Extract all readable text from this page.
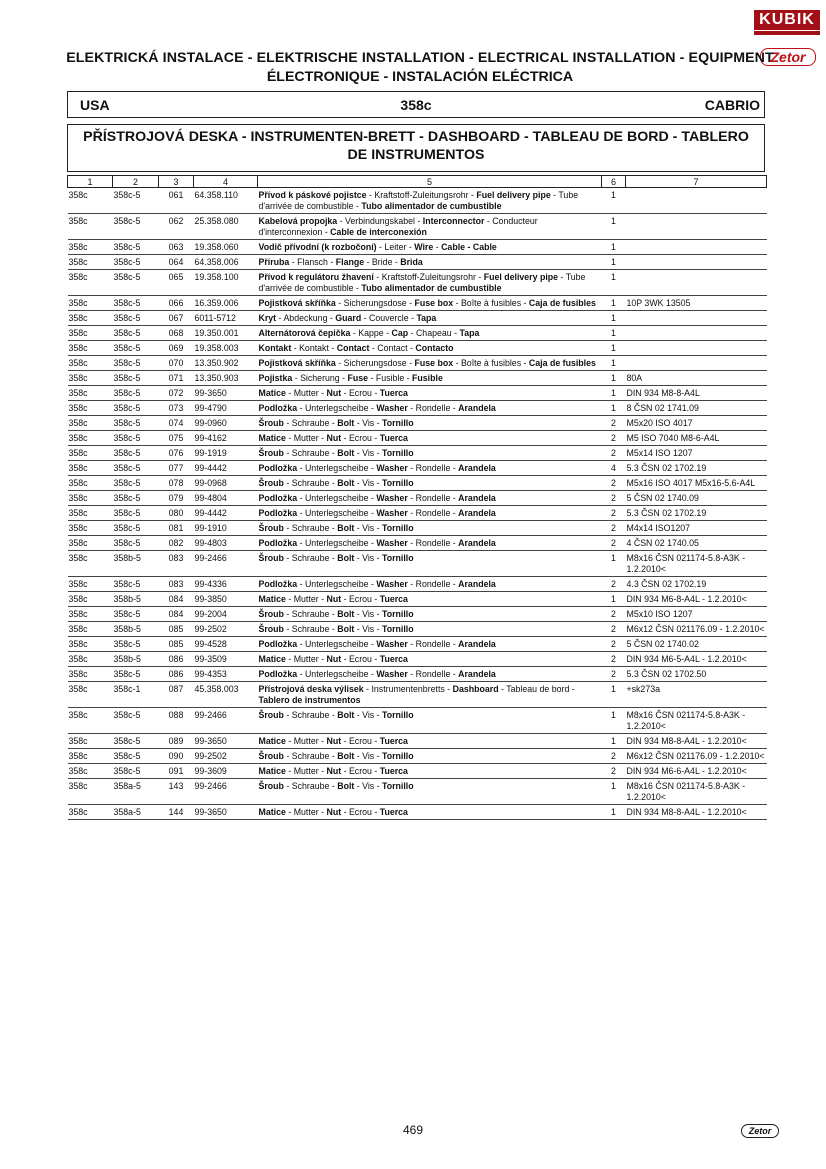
KUBIK
Zetor
ELEKTRICKÁ INSTALACE - ELEKTRISCHE INSTALLATION - ELECTRICAL INSTALLATION - EQUIPMENT
ÉLECTRONIQUE - INSTALACIÓN ELÉCTRICA
USA	358c	CABRIO
PŘÍSTROJOVÁ DESKA - INSTRUMENTEN-BRETT - DASHBOARD - TABLEAU DE BORD - TABLERO DE INSTRUMENTOS
1	2	3	4	5	6	7
358c	358c-5	061	64.358.110	Přívod k páskové pojistce - Kraftstoff-Zuleitungsrohr - Fuel delivery pipe - Tube d'arrivée de combustible - Tubo alimentador de cumbustible	1	
358c	358c-5	062	25.358.080	Kabelová propojka - Verbindungskabel - Interconnector - Conducteur d'interconnexion - Cable de interconexión	1	
358c	358c-5	063	19.358.060	Vodič přívodní (k rozbočoní) - Leiter - Wire - Cable - Cable	1	
358c	358c-5	064	64.358.006	Příruba - Flansch - Flange - Bride - Brida	1	
358c	358c-5	065	19.358.100	Přívod k regulátoru žhavení - Kraftstoff-Zuleitungsrohr - Fuel delivery pipe - Tube d'arrivée de combustible - Tubo alimentador de cumbustible	1	
358c	358c-5	066	16.359.006	Pojistková skříňka - Sicherungsdose - Fuse box - Boîte à fusibles - Caja de fusibles	1	10P 3WK 13505
358c	358c-5	067	6011-5712	Kryt - Abdeckung - Guard - Couvercle - Tapa	1	
358c	358c-5	068	19.350.001	Alternátorová čepička - Kappe - Cap - Chapeau - Tapa	1	
358c	358c-5	069	19.358.003	Kontakt - Kontakt - Contact - Contact - Contacto	1	
358c	358c-5	070	13.350.902	Pojistková skříňka - Sicherungsdose - Fuse box - Boîte à fusibles - Caja de fusibles	1	
358c	358c-5	071	13.350.903	Pojistka - Sicherung - Fuse - Fusible - Fusible	1	80A
358c	358c-5	072	99-3650	Matice - Mutter - Nut - Ecrou - Tuerca	1	DIN 934 M8-8-A4L
358c	358c-5	073	99-4790	Podložka - Unterlegscheibe - Washer - Rondelle - Arandela	1	8 ČSN 02 1741.09
358c	358c-5	074	99-0960	Šroub - Schraube - Bolt - Vis - Tornillo	2	M5x20 ISO 4017
358c	358c-5	075	99-4162	Matice - Mutter - Nut - Ecrou - Tuerca	2	M5 ISO 7040 M8-6-A4L
358c	358c-5	076	99-1919	Šroub - Schraube - Bolt - Vis - Tornillo	2	M5x14 ISO 1207
358c	358c-5	077	99-4442	Podložka - Unterlegscheibe - Washer - Rondelle - Arandela	4	5.3 ČSN 02 1702.19
358c	358c-5	078	99-0968	Šroub - Schraube - Bolt - Vis - Tornillo	2	M5x16 ISO 4017 M5x16-5.6-A4L
358c	358c-5	079	99-4804	Podložka - Unterlegscheibe - Washer - Rondelle - Arandela	2	5 ČSN 02 1740.09
358c	358c-5	080	99-4442	Podložka - Unterlegscheibe - Washer - Rondelle - Arandela	2	5.3 ČSN 02 1702.19
358c	358c-5	081	99-1910	Šroub - Schraube - Bolt - Vis - Tornillo	2	M4x14 ISO1207
358c	358c-5	082	99-4803	Podložka - Unterlegscheibe - Washer - Rondelle - Arandela	2	4 ČSN 02 1740.05
358c	358b-5	083	99-2466	Šroub - Schraube - Bolt - Vis - Tornillo	1	M8x16 ČSN 021174-5.8-A3K - 1.2.2010<
358c	358c-5	083	99-4336	Podložka - Unterlegscheibe - Washer - Rondelle - Arandela	2	4.3 ČSN 02 1702.19
358c	358b-5	084	99-3850	Matice - Mutter - Nut - Ecrou - Tuerca	1	DIN 934 M6-8-A4L - 1.2.2010<
358c	358c-5	084	99-2004	Šroub - Schraube - Bolt - Vis - Tornillo	2	M5x10 ISO 1207
358c	358b-5	085	99-2502	Šroub - Schraube - Bolt - Vis - Tornillo	2	M6x12 ČSN 021176.09 - 1.2.2010<
358c	358c-5	085	99-4528	Podložka - Unterlegscheibe - Washer - Rondelle - Arandela	2	5 ČSN 02 1740.02
358c	358b-5	086	99-3509	Matice - Mutter - Nut - Ecrou - Tuerca	2	DIN 934 M6-5-A4L - 1.2.2010<
358c	358c-5	086	99-4353	Podložka - Unterlegscheibe - Washer - Rondelle - Arandela	2	5.3 ČSN 02 1702.50
358c	358c-1	087	45.358.003	Přístrojová deska výlisek - Instrumentenbretts - Dashboard - Tableau de bord - Tablero de instrumentos	1	+sk273a
358c	358c-5	088	99-2466	Šroub - Schraube - Bolt - Vis - Tornillo	1	M8x16 ČSN 021174-5.8-A3K - 1.2.2010<
358c	358c-5	089	99-3650	Matice - Mutter - Nut - Ecrou - Tuerca	1	DIN 934 M8-8-A4L - 1.2.2010<
358c	358c-5	090	99-2502	Šroub - Schraube - Bolt - Vis - Tornillo	2	M6x12 ČSN 021176.09 - 1.2.2010<
358c	358c-5	091	99-3609	Matice - Mutter - Nut - Ecrou - Tuerca	2	DIN 934 M6-6-A4L - 1.2.2010<
358c	358a-5	143	99-2466	Šroub - Schraube - Bolt - Vis - Tornillo	1	M8x16 ČSN 021174-5.8-A3K - 1.2.2010<
358c	358a-5	144	99-3650	Matice - Mutter - Nut - Ecrou - Tuerca	1	DIN 934 M8-8-A4L - 1.2.2010<
469	Zetor
